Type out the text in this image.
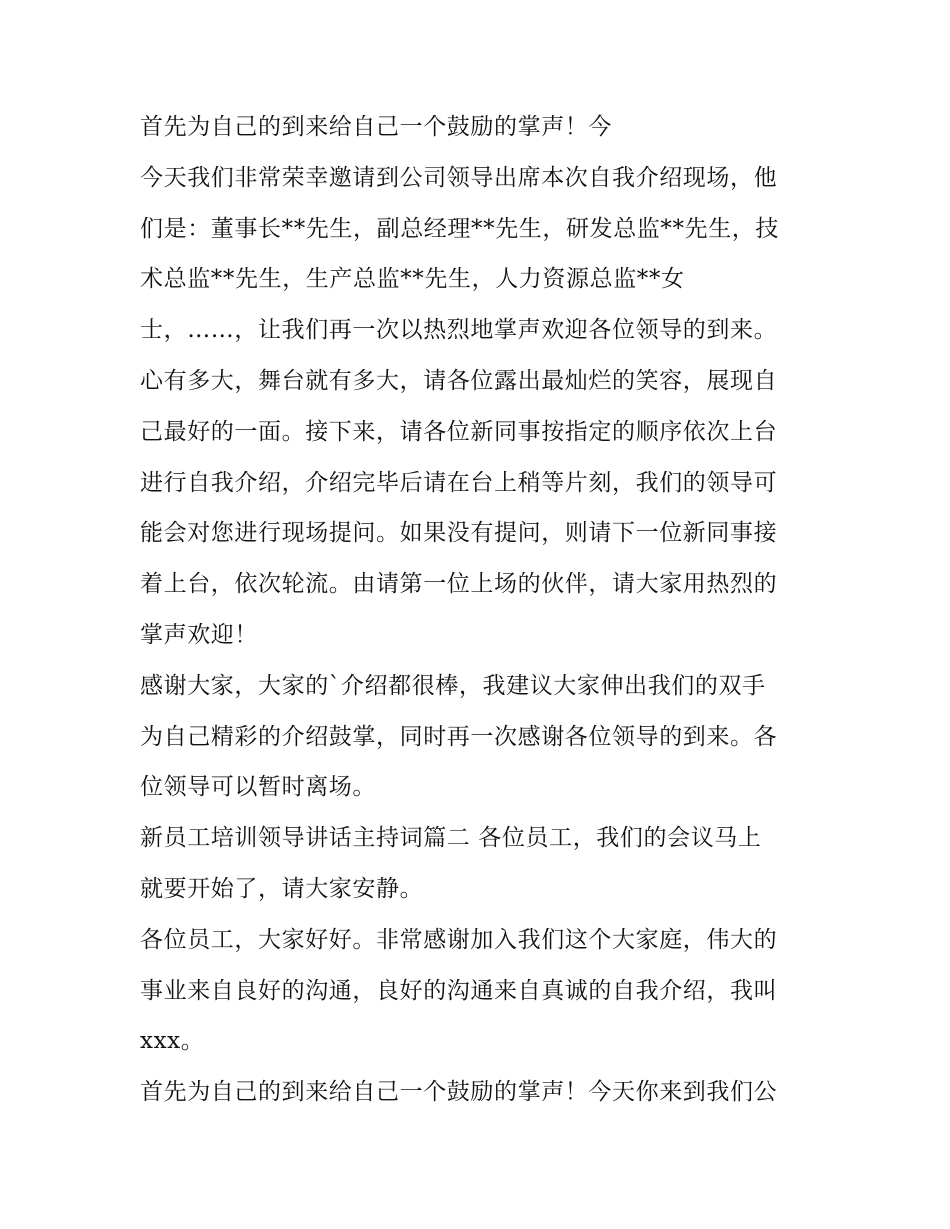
首先为自己的到来给自己一个鼓励的掌声！今
今天我们非常荣幸邀请到公司领导出席本次自我介绍现场，他
们是：董事长**先生，副总经理**先生，研发总监**先生，技
术总监**先生，生产总监**先生，人力资源总监**女
士，……，让我们再一次以热烈地掌声欢迎各位领导的到来。
心有多大，舞台就有多大，请各位露出最灿烂的笑容，展现自
己最好的一面。接下来，请各位新同事按指定的顺序依次上台
进行自我介绍，介绍完毕后请在台上稍等片刻，我们的领导可
能会对您进行现场提问。如果没有提问，则请下一位新同事接
着上台，依次轮流。由请第一位上场的伙伴，请大家用热烈的
掌声欢迎！
感谢大家，大家的`介绍都很棒，我建议大家伸出我们的双手
为自己精彩的介绍鼓掌，同时再一次感谢各位领导的到来。各
位领导可以暂时离场。
新员工培训领导讲话主持词篇二 各位员工，我们的会议马上
就要开始了，请大家安静。
各位员工，大家好好。非常感谢加入我们这个大家庭，伟大的
事业来自良好的沟通，良好的沟通来自真诚的自我介绍，我叫
xxx。
首先为自己的到来给自己一个鼓励的掌声！今天你来到我们公
